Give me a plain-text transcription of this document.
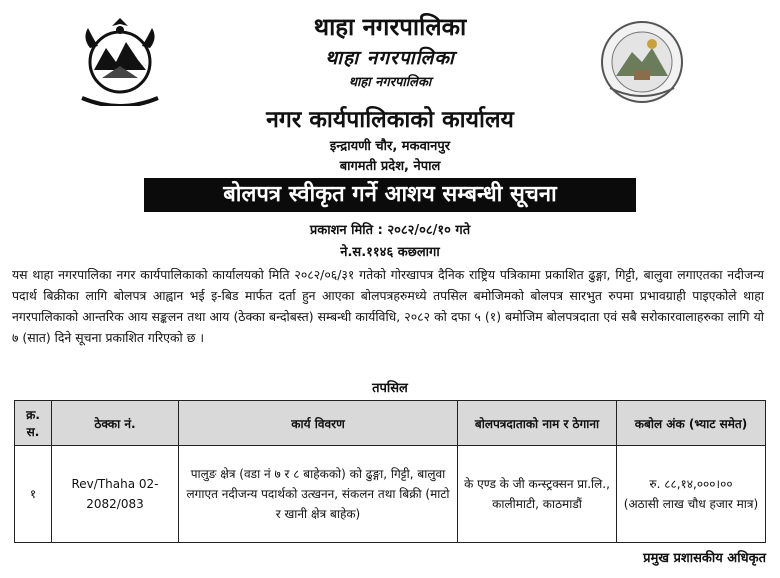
थाहा नगरपालिका
थाहा नगरपालिका
थाहा नगरपालिका
नगर कार्यपालिकाको कार्यालय
इन्द्रायणी चौर, मकवानपुर
बागमती प्रदेश, नेपाल
बोलपत्र स्वीकृत गर्ने आशय सम्बन्धी सूचना
प्रकाशन मिति : २०८२/०८/१० गते
ने.स.११४६ कछलागा
यस थाहा नगरपालिका नगर कार्यपालिकाको कार्यालयको मिति २०८२/०६/३१ गतेको गोरखापत्र दैनिक राष्ट्रिय पत्रिकामा प्रकाशित ढुङ्गा, गिट्टी, बालुवा लगाएतका नदीजन्य पदार्थ बिक्रीका लागि बोलपत्र आह्वान भई इ-बिड मार्फत दर्ता हुन आएका बोलपत्रहरुमध्ये तपसिल बमोजिमको बोलपत्र सारभुत रुपमा प्रभावग्राही पाइएकोले थाहा नगरपालिकाको आन्तरिक आय सङ्कलन तथा आय (ठेक्का बन्दोबस्त) सम्बन्धी कार्यविधि, २०८२ को दफा ५ (१) बमोजिम बोलपत्रदाता एवं सबै सरोकारवालाहरुका लागि यो ७ (सात) दिने सूचना प्रकाशित गरिएको छ ।
तपसिल
क्र. स.	ठेक्का नं.	कार्य विवरण	बोलपत्रदाताको नाम र ठेगाना	कबोल अंक (भ्याट समेत)
१	Rev/Thaha 02-2082/083	पालुङ क्षेत्र (वडा नं ७ र ८ बाहेकको) को ढुङ्गा, गिट्टी, बालुवा लगाएत नदीजन्य पदार्थको उत्खनन, संकलन तथा बिक्री (माटो र खानी क्षेत्र बाहेक)	के एण्ड के जी कन्स्ट्रक्सन प्रा.लि., कालीमाटी, काठमाडौं	रु. ८८,१४,०००।००
(अठासी लाख चौध हजार मात्र)
प्रमुख प्रशासकीय अधिकृत
